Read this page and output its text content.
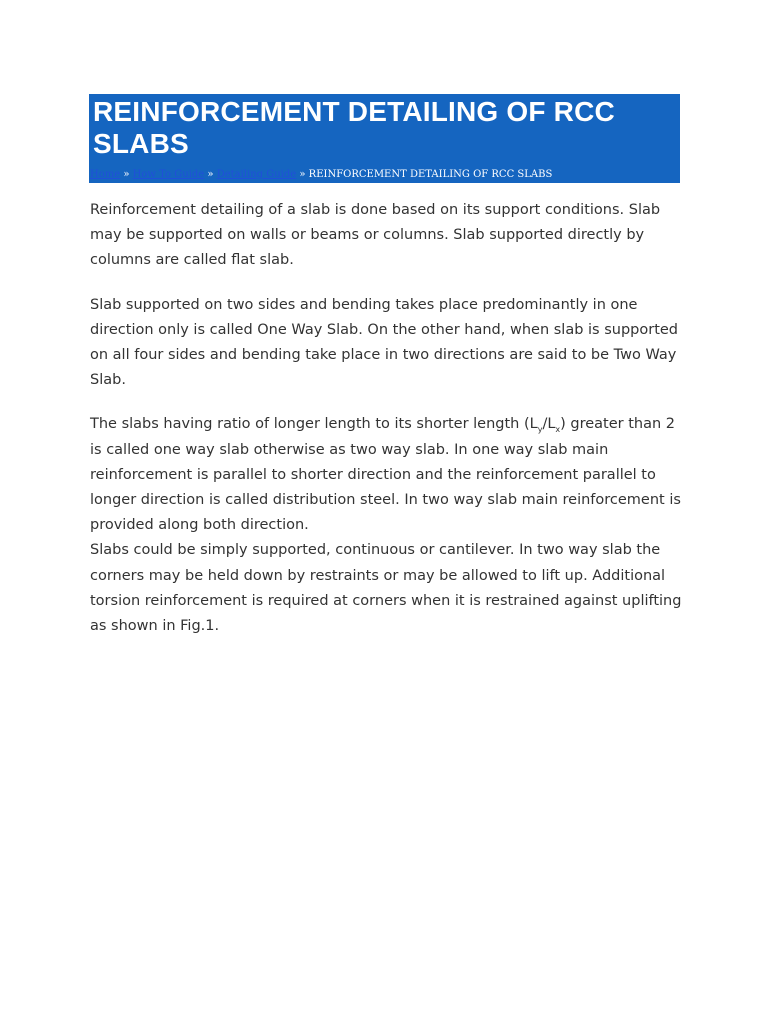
REINFORCEMENT DETAILING OF RCC SLABS
Home » How To Guide » Detailing Guide » REINFORCEMENT DETAILING OF RCC SLABS

Reinforcement detailing of a slab is done based on its support conditions. Slab may be supported on walls or beams or columns. Slab supported directly by columns are called flat slab.

Slab supported on two sides and bending takes place predominantly in one direction only is called One Way Slab. On the other hand, when slab is supported on all four sides and bending take place in two directions are said to be Two Way Slab.

The slabs having ratio of longer length to its shorter length $(L_y/L_x)$ greater than 2 is called one way slab otherwise as two way slab. In one way slab main reinforcement is parallel to shorter direction and the reinforcement parallel to longer direction is called distribution steel. In two way slab main reinforcement is provided along both direction.

Slabs could be simply supported, continuous or cantilever. In two way slab the corners may be held down by restraints or may be allowed to lift up. Additional torsion reinforcement is required at corners when it is restrained against uplifting as shown in Fig.1.
